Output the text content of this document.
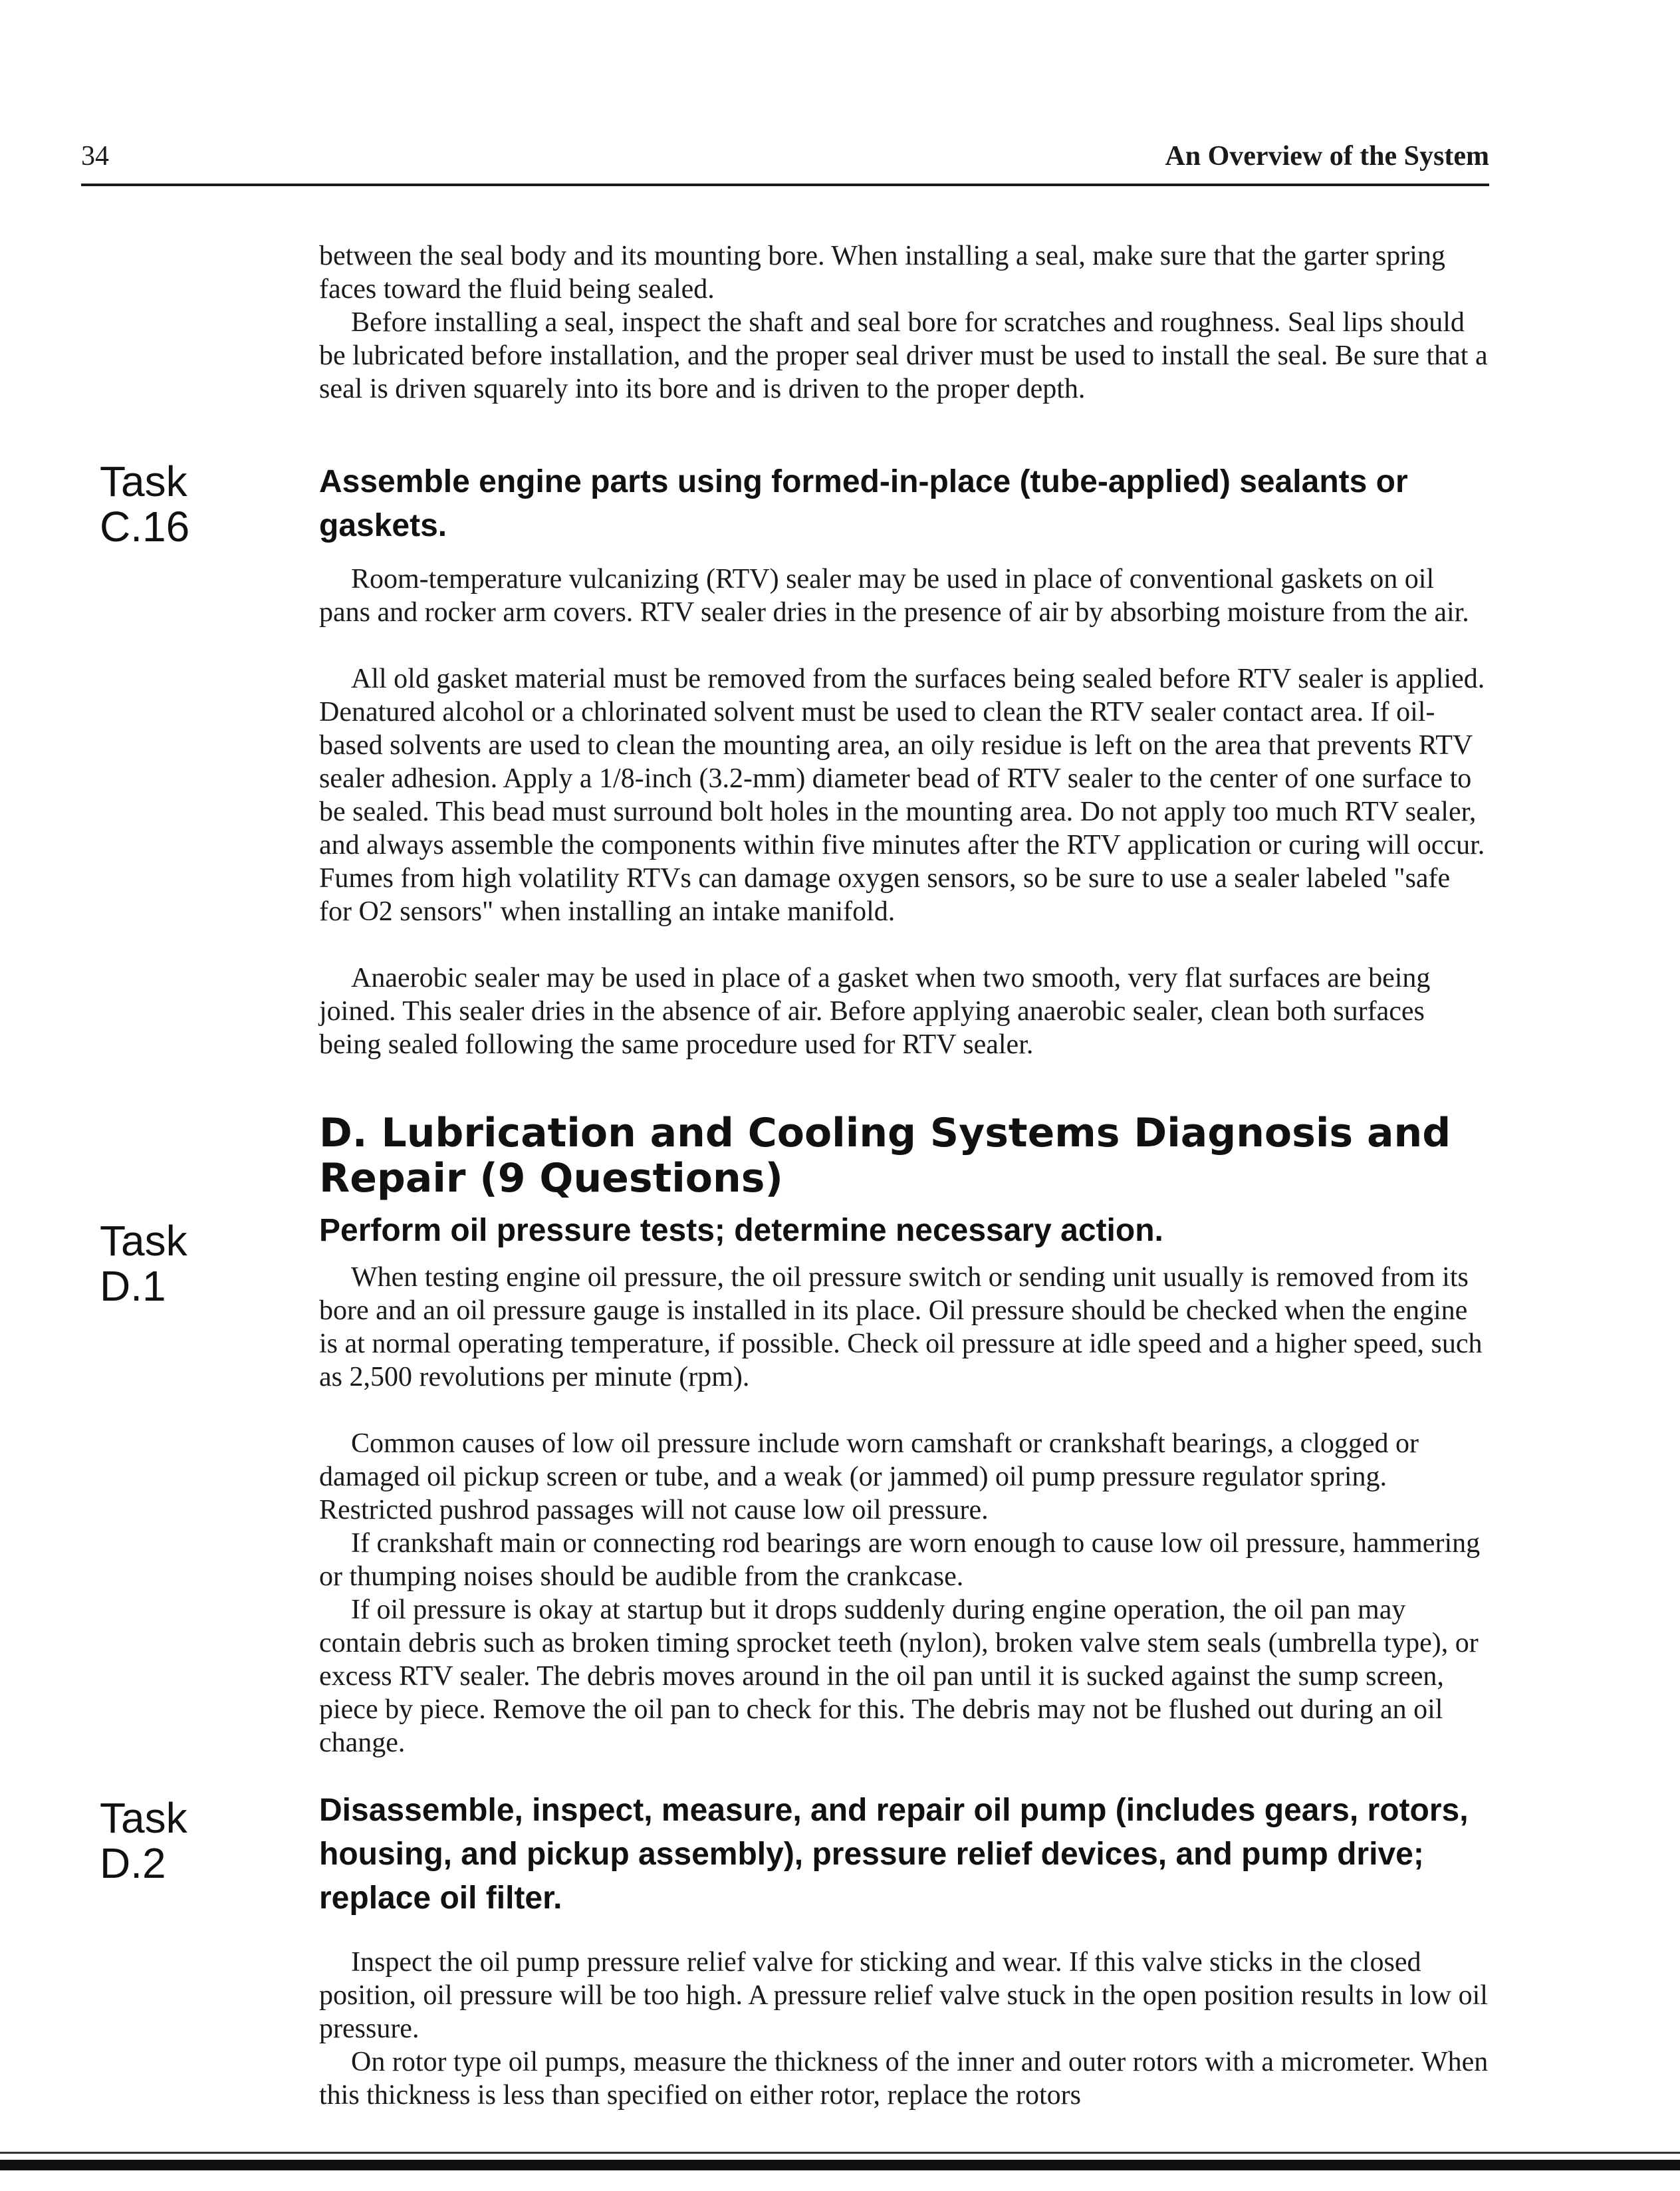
34	An Overview of the System
Task
C.16
Task
D.1
Task
D.2

between the seal body and its mounting bore. When installing a seal, make sure that the garter spring faces toward the fluid being sealed.

Before installing a seal, inspect the shaft and seal bore for scratches and roughness. Seal lips should be lubricated before installation, and the proper seal driver must be used to install the seal. Be sure that a seal is driven squarely into its bore and is driven to the proper depth.

Assemble engine parts using formed-in-place (tube-applied) sealants or gaskets.

Room-temperature vulcanizing (RTV) sealer may be used in place of conventional gaskets on oil pans and rocker arm covers. RTV sealer dries in the presence of air by absorbing moisture from the air.

All old gasket material must be removed from the surfaces being sealed before RTV sealer is applied. Denatured alcohol or a chlorinated solvent must be used to clean the RTV sealer contact area. If oil-based solvents are used to clean the mounting area, an oily residue is left on the area that prevents RTV sealer adhesion. Apply a 1/8-inch (3.2-mm) diameter bead of RTV sealer to the center of one surface to be sealed. This bead must surround bolt holes in the mounting area. Do not apply too much RTV sealer, and always assemble the components within five minutes after the RTV application or curing will occur. Fumes from high volatility RTVs can damage oxygen sensors, so be sure to use a sealer labeled "safe for O2 sensors" when installing an intake manifold.

Anaerobic sealer may be used in place of a gasket when two smooth, very flat surfaces are being joined. This sealer dries in the absence of air. Before applying anaerobic sealer, clean both surfaces being sealed following the same procedure used for RTV sealer.

D. Lubrication and Cooling Systems Diagnosis and Repair (9 Questions)
Perform oil pressure tests; determine necessary action.

When testing engine oil pressure, the oil pressure switch or sending unit usually is removed from its bore and an oil pressure gauge is installed in its place. Oil pressure should be checked when the engine is at normal operating temperature, if possible. Check oil pressure at idle speed and a higher speed, such as 2,500 revolutions per minute (rpm).

Common causes of low oil pressure include worn camshaft or crankshaft bearings, a clogged or damaged oil pickup screen or tube, and a weak (or jammed) oil pump pressure regulator spring. Restricted pushrod passages will not cause low oil pressure.

If crankshaft main or connecting rod bearings are worn enough to cause low oil pressure, hammering or thumping noises should be audible from the crankcase.

If oil pressure is okay at startup but it drops suddenly during engine operation, the oil pan may contain debris such as broken timing sprocket teeth (nylon), broken valve stem seals (umbrella type), or excess RTV sealer. The debris moves around in the oil pan until it is sucked against the sump screen, piece by piece. Remove the oil pan to check for this. The debris may not be flushed out during an oil change.

Disassemble, inspect, measure, and repair oil pump (includes gears, rotors, housing, and pickup assembly), pressure relief devices, and pump drive; replace oil filter.

Inspect the oil pump pressure relief valve for sticking and wear. If this valve sticks in the closed position, oil pressure will be too high. A pressure relief valve stuck in the open position results in low oil pressure.

On rotor type oil pumps, measure the thickness of the inner and outer rotors with a micrometer. When this thickness is less than specified on either rotor, replace the rotors
